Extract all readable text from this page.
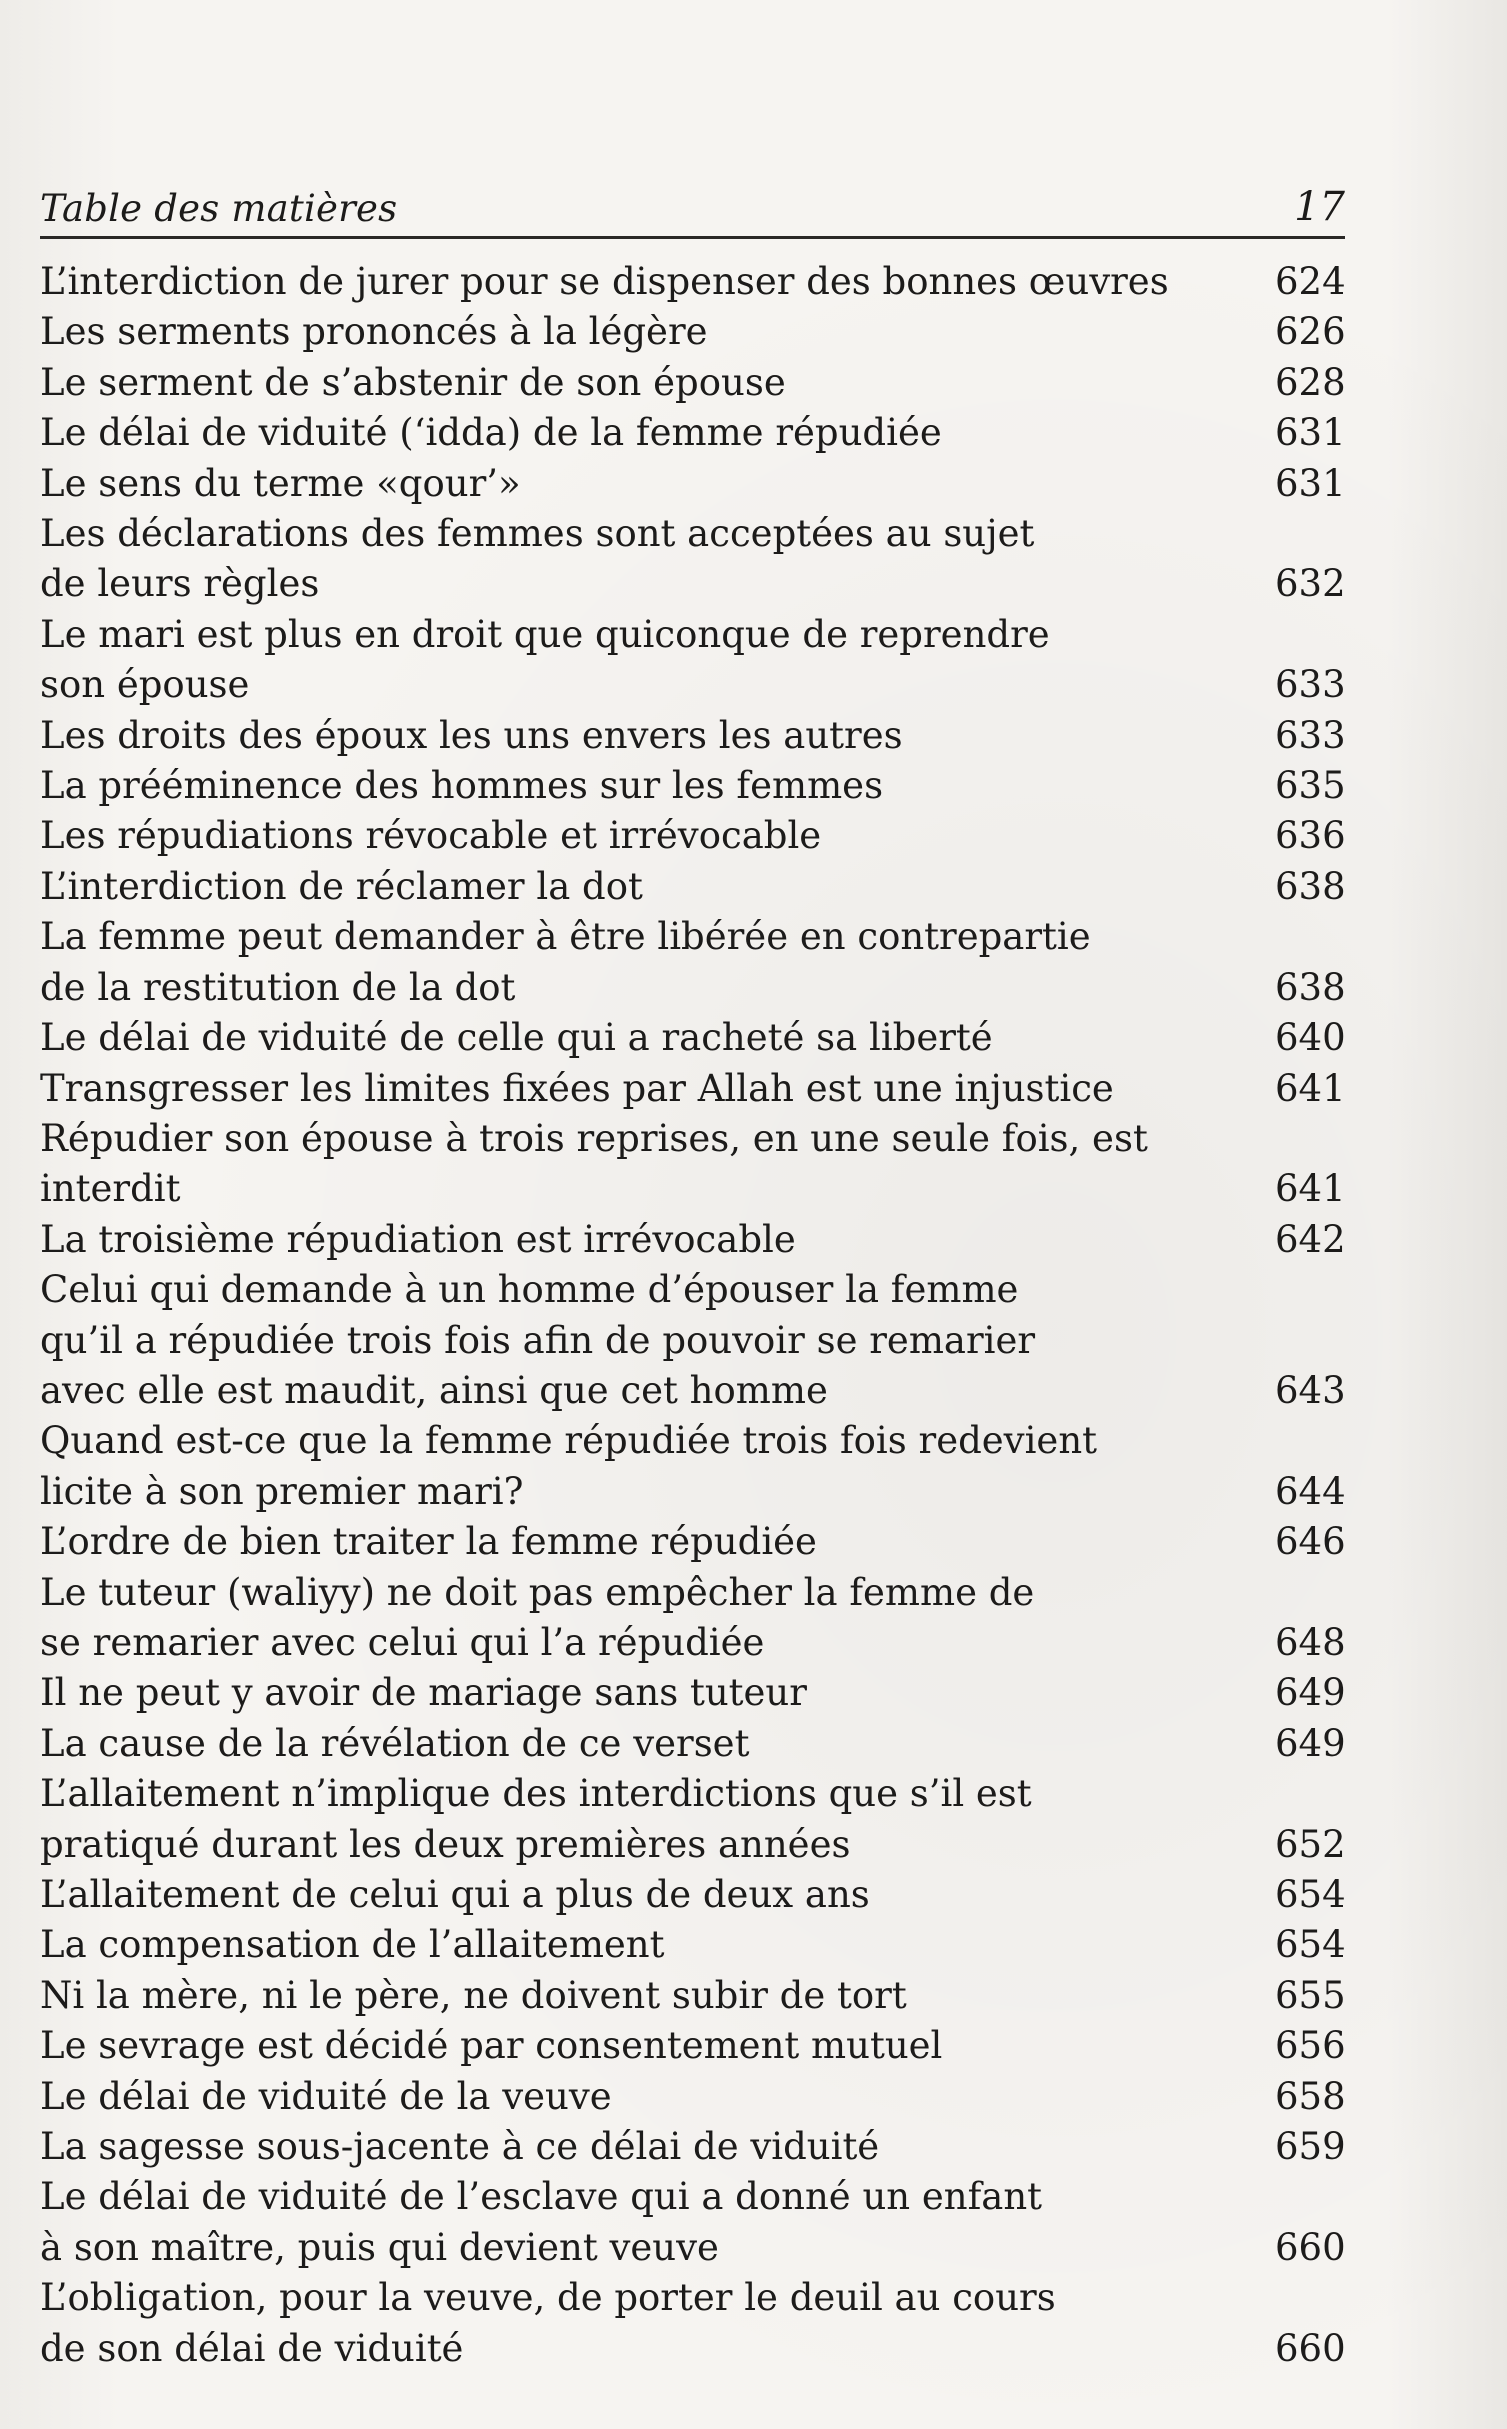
Table des matières	17
L’interdiction de jurer pour se dispenser des bonnes œuvres	624
Les serments prononcés à la légère	626
Le serment de s’abstenir de son épouse	628
Le délai de viduité (‘idda) de la femme répudiée	631
Le sens du terme «qour’»	631
Les déclarations des femmes sont acceptées au sujet
de leurs règles	632
Le mari est plus en droit que quiconque de reprendre
son épouse	633
Les droits des époux les uns envers les autres	633
La prééminence des hommes sur les femmes	635
Les répudiations révocable et irrévocable	636
L’interdiction de réclamer la dot	638
La femme peut demander à être libérée en contrepartie
de la restitution de la dot	638
Le délai de viduité de celle qui a racheté sa liberté	640
Transgresser les limites fixées par Allah est une injustice	641
Répudier son épouse à trois reprises, en une seule fois, est interdit	641
La troisième répudiation est irrévocable	642
Celui qui demande à un homme d’épouser la femme
qu’il a répudiée trois fois afin de pouvoir se remarier
avec elle est maudit, ainsi que cet homme	643
Quand est-ce que la femme répudiée trois fois redevient
licite à son premier mari?	644
L’ordre de bien traiter la femme répudiée	646
Le tuteur (waliyy) ne doit pas empêcher la femme de
se remarier avec celui qui l’a répudiée	648
Il ne peut y avoir de mariage sans tuteur	649
La cause de la révélation de ce verset	649
L’allaitement n’implique des interdictions que s’il est
pratiqué durant les deux premières années	652
L’allaitement de celui qui a plus de deux ans	654
La compensation de l’allaitement	654
Ni la mère, ni le père, ne doivent subir de tort	655
Le sevrage est décidé par consentement mutuel	656
Le délai de viduité de la veuve	658
La sagesse sous-jacente à ce délai de viduité	659
Le délai de viduité de l’esclave qui a donné un enfant
à son maître, puis qui devient veuve	660
L’obligation, pour la veuve, de porter le deuil au cours
de son délai de viduité	660
